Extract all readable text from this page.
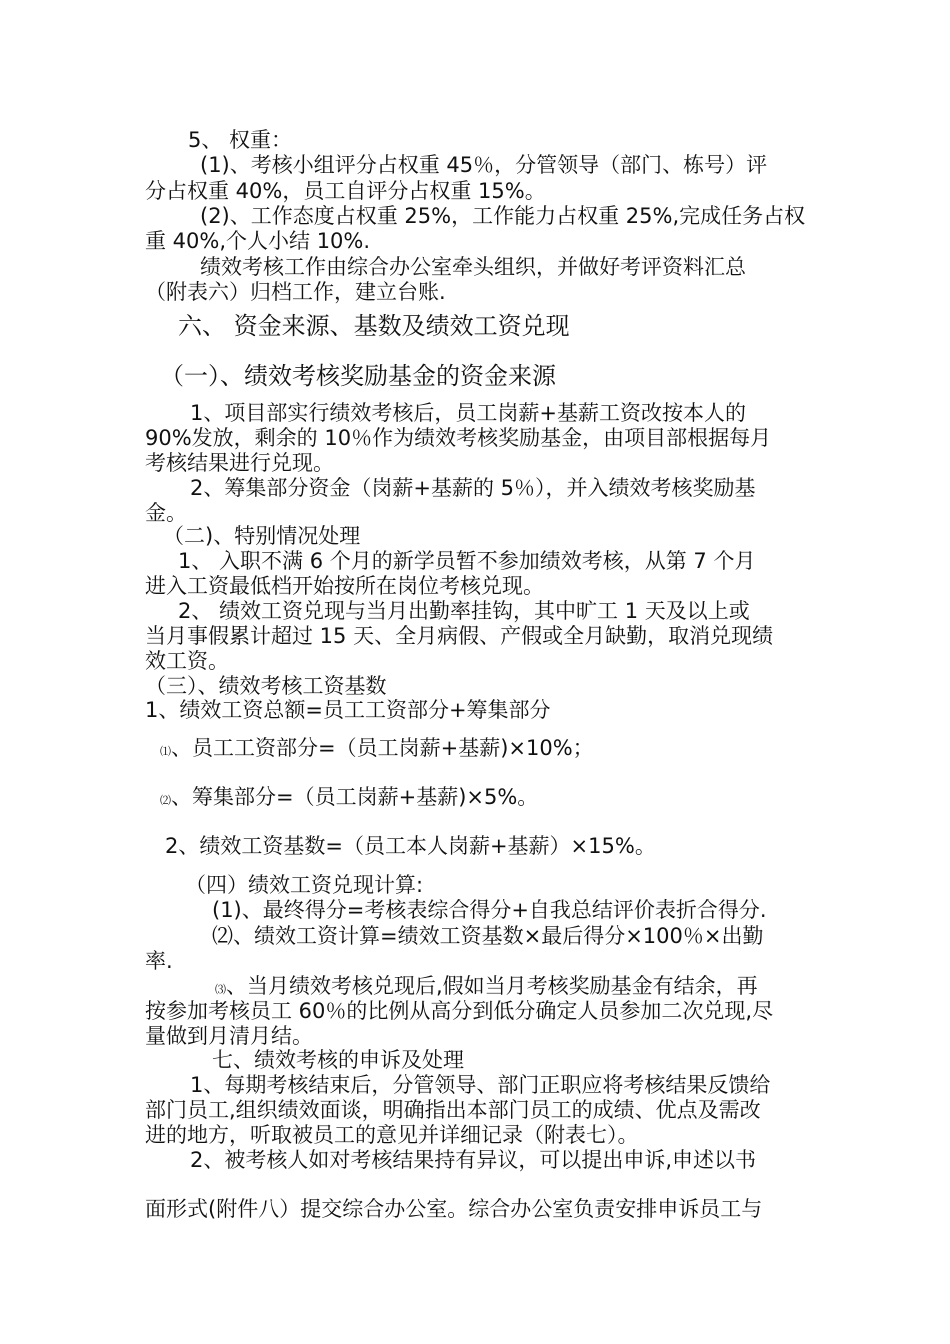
5、 权重：
(1)、考核小组评分占权重 45％，分管领导（部门、栋号）评
分占权重 40%，员工自评分占权重 15%。
(2)、工作态度占权重 25%，工作能力占权重 25%,完成任务占权
重 40%,个人小结 10%.
绩效考核工作由综合办公室牵头组织，并做好考评资料汇总
（附表六）归档工作，建立台账.
六、 资金来源、基数及绩效工资兑现
（一）、绩效考核奖励基金的资金来源
1、项目部实行绩效考核后，员工岗薪+基薪工资改按本人的
90%发放，剩余的 10％作为绩效考核奖励基金，由项目部根据每月
考核结果进行兑现。
2、筹集部分资金（岗薪+基薪的 5％），并入绩效考核奖励基
金。
（二)、特别情况处理
1、 入职不满 6 个月的新学员暂不参加绩效考核，从第 7 个月
进入工资最低档开始按所在岗位考核兑现。
2、 绩效工资兑现与当月出勤率挂钩，其中旷工 1 天及以上或
当月事假累计超过 15 天、全月病假、产假或全月缺勤，取消兑现绩
效工资。
（三）、绩效考核工资基数
1、绩效工资总额=员工工资部分+筹集部分
⑴、员工工资部分=（员工岗薪+基薪)×10%；
⑵、筹集部分=（员工岗薪+基薪)×5%。
2、绩效工资基数=（员工本人岗薪+基薪）×15%。
（四）绩效工资兑现计算:
(1)、最终得分=考核表综合得分+自我总结评价表折合得分.
⑵、绩效工资计算=绩效工资基数×最后得分×100％×出勤
率.
⑶、当月绩效考核兑现后,假如当月考核奖励基金有结余，再
按参加考核员工 60％的比例从高分到低分确定人员参加二次兑现,尽
量做到月清月结。
七、绩效考核的申诉及处理
1、每期考核结束后，分管领导、部门正职应将考核结果反馈给
部门员工,组织绩效面谈，明确指出本部门员工的成绩、优点及需改
进的地方，听取被员工的意见并详细记录（附表七）。
2、被考核人如对考核结果持有异议，可以提出申诉,申述以书
面形式(附件八）提交综合办公室。综合办公室负责安排申诉员工与
